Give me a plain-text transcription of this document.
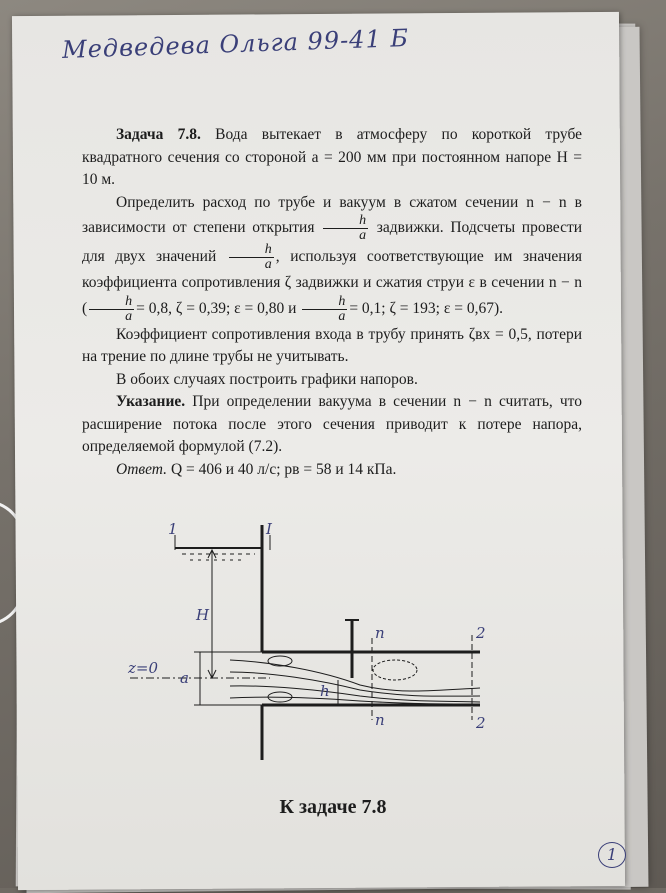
Медведева Ольга 99-41 Б

Задача 7.8. Вода вытекает в атмосферу по короткой трубе квадратного сечения со стороной a = 200 мм при постоянном напоре H = 10 м.

Определить расход по трубе и вакуум в сжатом сечении n − n в зависимости от степени открытия $\frac{h}{a}$ задвижки. Подсчеты провести для двух значений $\frac{h}{a}$ , используя соответствующие им значения коэффициента сопротивления ζ задвижки и сжатия струи ε в сечении n − n ( $\frac{h}{a} = 0,8$, ζ = 0,39; ε = 0,80 и $\frac{h}{a} = 0,1$; ζ = 193; ε = 0,67).

Коэффициент сопротивления входа в трубу принять ζвх = 0,5, потери на трение по длине трубы не учитывать.

В обоих случаях построить графики напоров.

Указание. При определении вакуума в сечении n − n считать, что расширение потока после этого сечения приводит к потере напора, определяемой формулой (7.2).

Ответ. Q = 406 и 40 л/с; pв = 58 и 14 кПа.

1	I
H
n
n
z=0
a
h
2
2
К задаче 7.8
1
